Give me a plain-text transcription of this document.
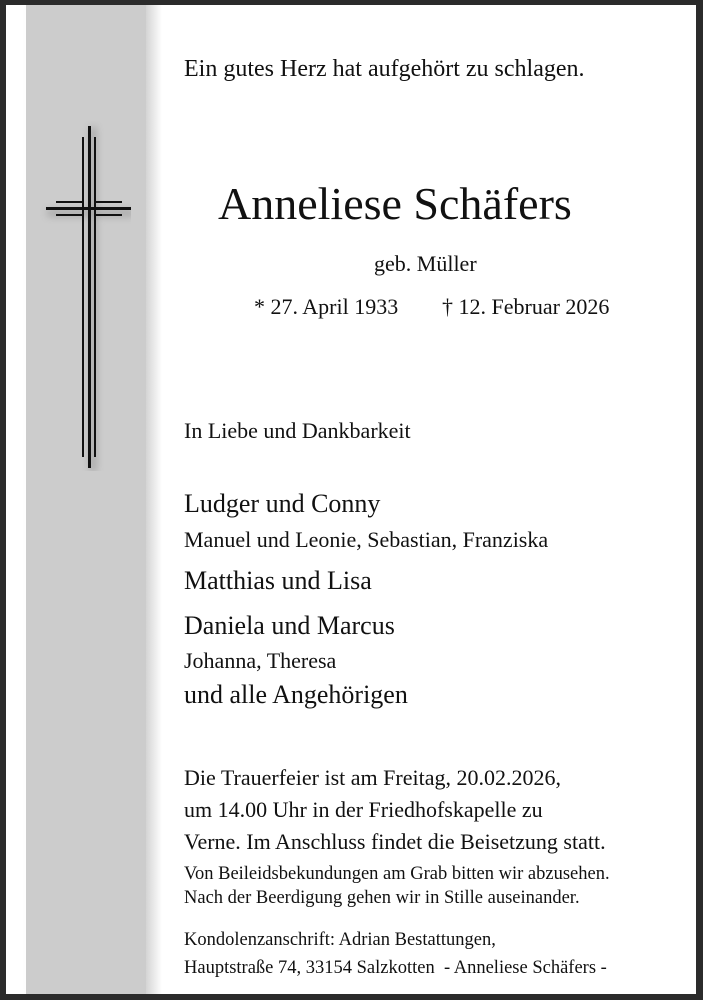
Ein gutes Herz hat aufgehört zu schlagen.
Anneliese Schäfers
geb. Müller
* 27. April 1933 † 12. Februar 2026
In Liebe und Dankbarkeit
Ludger und Conny
Manuel und Leonie, Sebastian, Franziska
Matthias und Lisa
Daniela und Marcus
Johanna, Theresa
und alle Angehörigen
Die Trauerfeier ist am Freitag, 20.02.2026,
um 14.00 Uhr in der Friedhofskapelle zu
Verne. Im Anschluss findet die Beisetzung statt.
Von Beileidsbekundungen am Grab bitten wir abzusehen.
Nach der Beerdigung gehen wir in Stille auseinander.
Kondolenzanschrift: Adrian Bestattungen,
Hauptstraße 74, 33154 Salzkotten  - Anneliese Schäfers -
